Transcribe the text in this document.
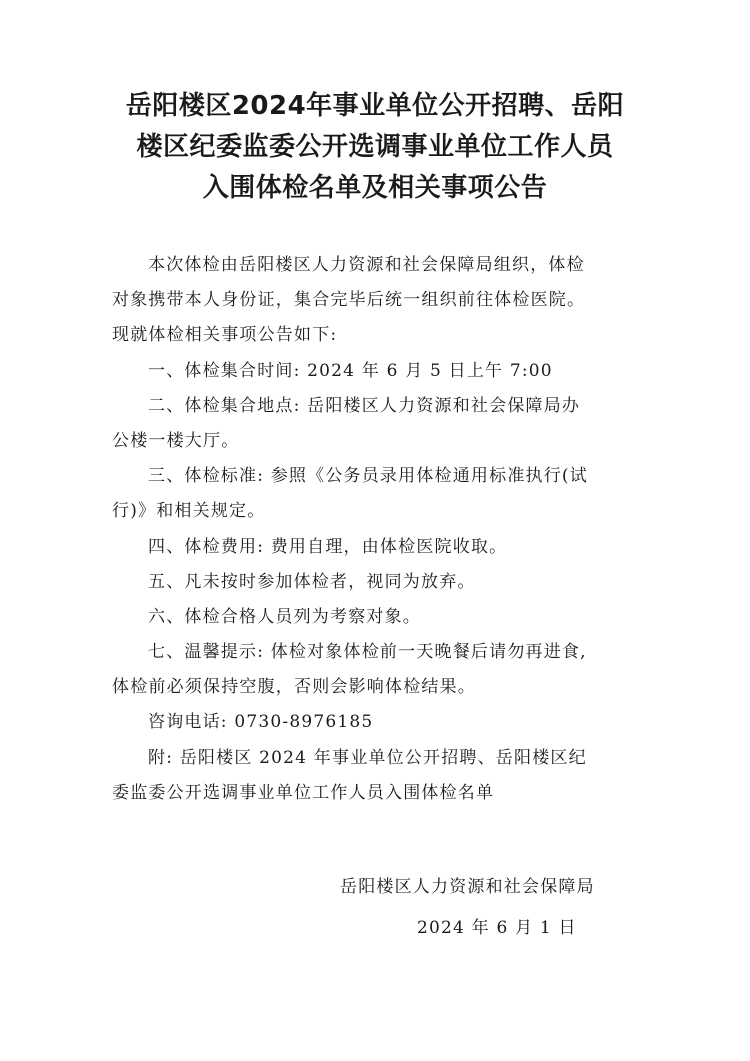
岳阳楼区2024年事业单位公开招聘、岳阳
楼区纪委监委公开选调事业单位工作人员
入围体检名单及相关事项公告
本次体检由岳阳楼区人力资源和社会保障局组织，体检
对象携带本人身份证，集合完毕后统一组织前往体检医院。
现就体检相关事项公告如下:
一、体检集合时间: 2024 年 6 月 5 日上午 7:00
二、体检集合地点: 岳阳楼区人力资源和社会保障局办
公楼一楼大厅。
三、体检标准: 参照《公务员录用体检通用标准执行(试
行)》和相关规定。
四、体检费用: 费用自理，由体检医院收取。
五、凡未按时参加体检者，视同为放弃。
六、体检合格人员列为考察对象。
七、温馨提示: 体检对象体检前一天晚餐后请勿再进食,
体检前必须保持空腹，否则会影响体检结果。
咨询电话: 0730-8976185
附: 岳阳楼区 2024 年事业单位公开招聘、岳阳楼区纪
委监委公开选调事业单位工作人员入围体检名单
岳阳楼区人力资源和社会保障局
2024 年 6 月 1 日
